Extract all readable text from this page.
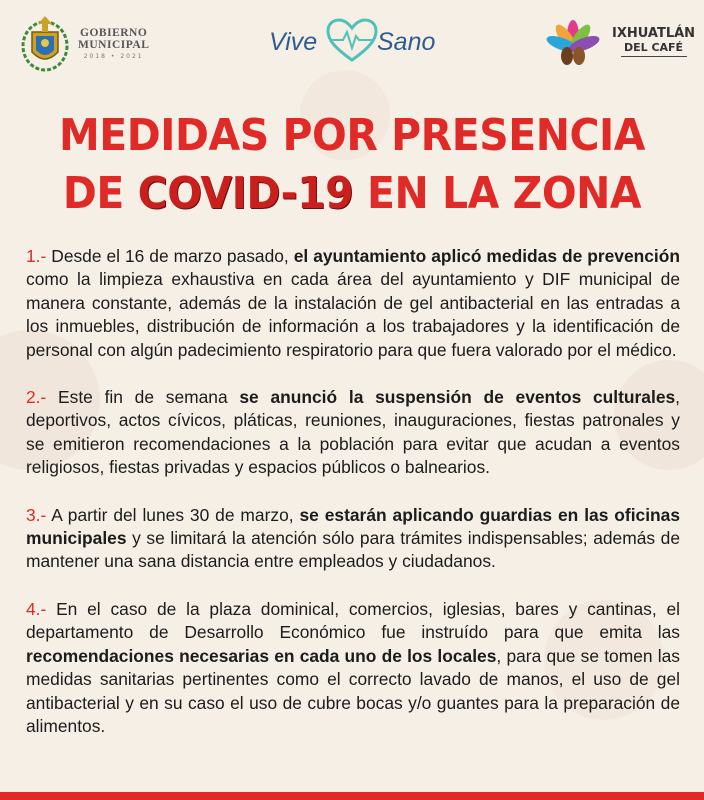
GOBIERNO
MUNICIPAL
2018 • 2021	Vive Sano	IXHUATLÁN
DEL CAFÉ
MEDIDAS POR PRESENCIA
DE COVID-19 EN LA ZONA

1.- Desde el 16 de marzo pasado, el ayuntamiento aplicó medidas de prevención como la limpieza exhaustiva en cada área del ayuntamiento y DIF municipal de manera constante, además de la instalación de gel antibacterial en las entradas a los inmuebles, distribución de información a los trabajadores y la identificación de personal con algún padecimiento respiratorio para que fuera valorado por el médico.

2.- Este fin de semana se anunció la suspensión de eventos culturales, deportivos, actos cívicos, pláticas, reuniones, inauguraciones, fiestas patronales y se emitieron recomendaciones a la población para evitar que acudan a eventos religiosos, fiestas privadas y espacios públicos o balnearios.

3.- A partir del lunes 30 de marzo, se estarán aplicando guardias en las oficinas municipales y se limitará la atención sólo para trámites indispensables; además de mantener una sana distancia entre empleados y ciudadanos.

4.- En el caso de la plaza dominical, comercios, iglesias, bares y cantinas, el departamento de Desarrollo Económico fue instruído para que emita las recomendaciones necesarias en cada uno de los locales, para que se tomen las medidas sanitarias pertinentes como el correcto lavado de manos, el uso de gel antibacterial y en su caso el uso de cubre bocas y/o guantes para la preparación de alimentos.
